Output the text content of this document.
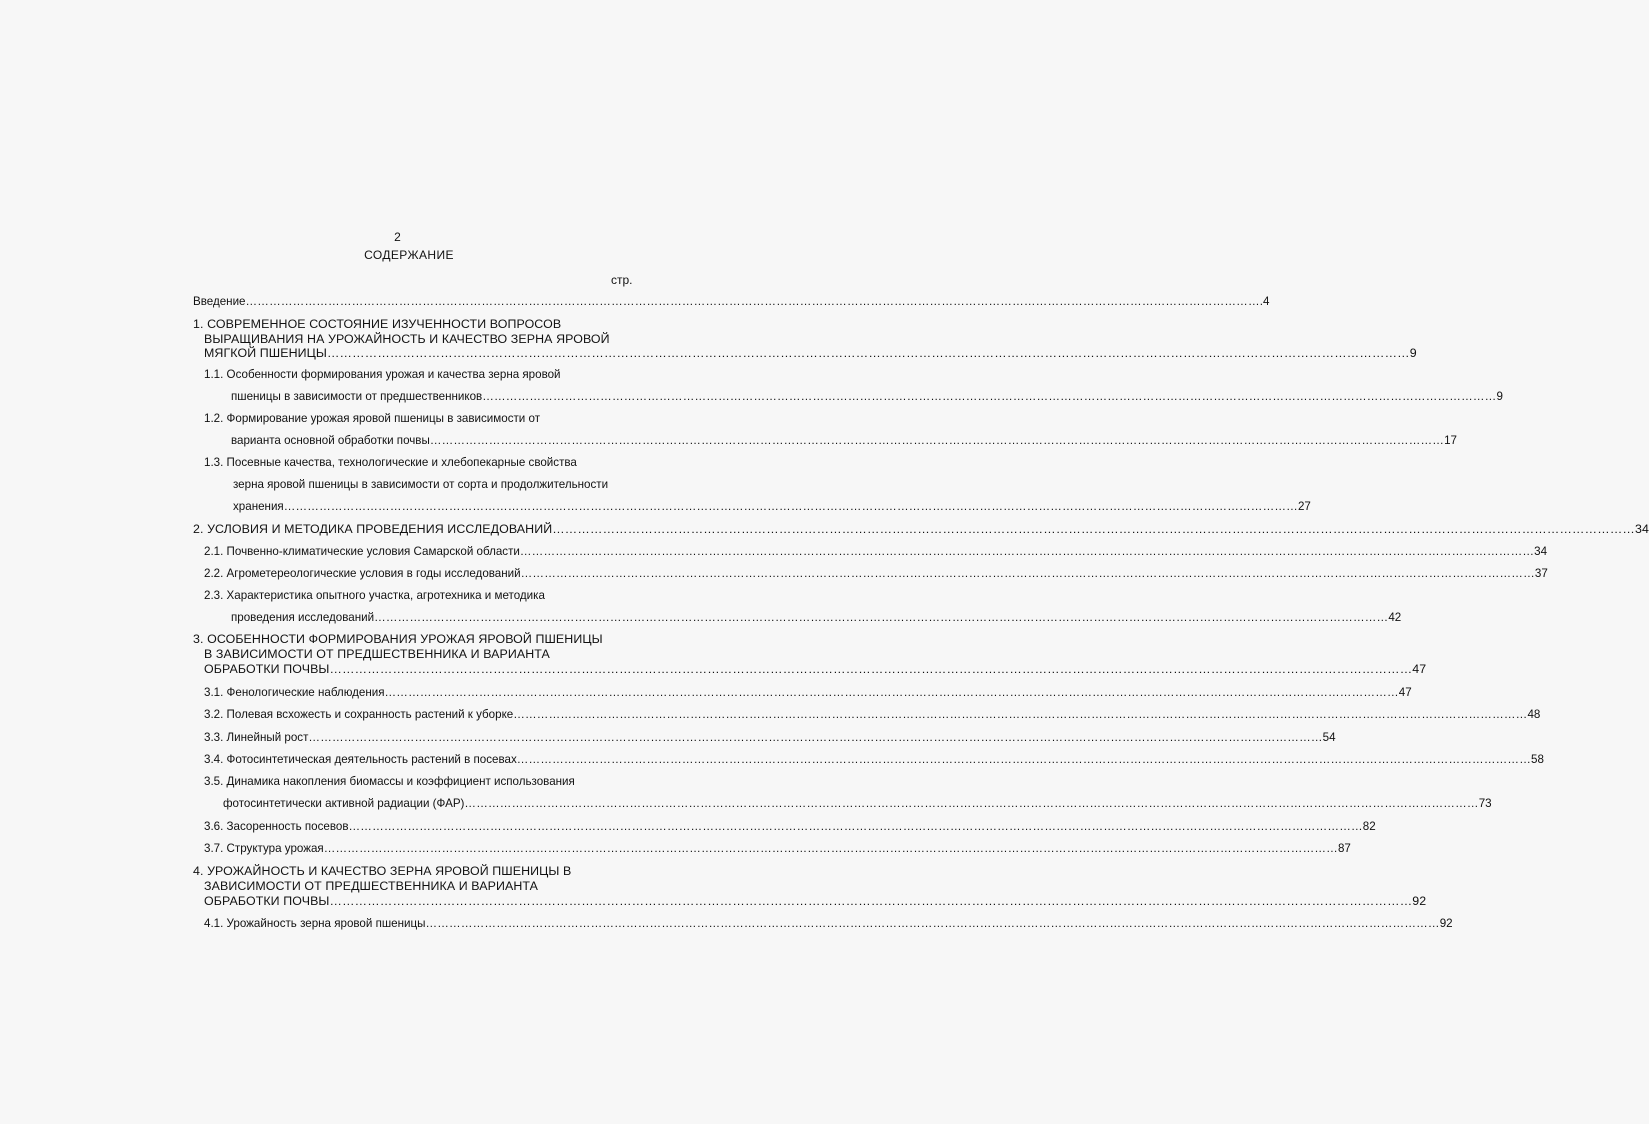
2
СОДЕРЖАНИЕ
стр.
Введение …………………………………………………………………………………………………………………………………………………………………………………………………………………………………… .4
1. СОВРЕМЕННОЕ СОСТОЯНИЕ ИЗУЧЕННОСТИ ВОПРОСОВ
ВЫРАЩИВАНИЯ НА УРОЖАЙНОСТЬ И КАЧЕСТВО ЗЕРНА ЯРОВОЙ
МЯГКОЙ ПШЕНИЦЫ …………………………………………………………………………………………………………………………………………………………………………………………………………………………………… 9
1.1. Особенности формирования урожая и качества зерна яровой
пшеницы в зависимости от предшественников …………………………………………………………………………………………………………………………………………………………………………………………………………………………………… 9
1.2. Формирование урожая яровой пшеницы в зависимости от
варианта основной обработки почвы …………………………………………………………………………………………………………………………………………………………………………………………………………………………………… 17
1.3. Посевные качества, технологические и хлебопекарные свойства
зерна яровой пшеницы в зависимости от сорта и продолжительности
хранения …………………………………………………………………………………………………………………………………………………………………………………………………………………………………… 27
2. УСЛОВИЯ И МЕТОДИКА ПРОВЕДЕНИЯ ИССЛЕДОВАНИЙ …………………………………………………………………………………………………………………………………………………………………………………………………………………………………… 34
2.1. Почвенно-климатические условия Самарской области …………………………………………………………………………………………………………………………………………………………………………………………………………………………………… 34
2.2. Агрометереологические условия в годы исследований …………………………………………………………………………………………………………………………………………………………………………………………………………………………………… 37
2.3. Характеристика опытного участка, агротехника и методика
проведения исследований …………………………………………………………………………………………………………………………………………………………………………………………………………………………………… 42
3. ОСОБЕННОСТИ ФОРМИРОВАНИЯ УРОЖАЯ ЯРОВОЙ ПШЕНИЦЫ
В ЗАВИСИМОСТИ ОТ ПРЕДШЕСТВЕННИКА И ВАРИАНТА
ОБРАБОТКИ ПОЧВЫ …………………………………………………………………………………………………………………………………………………………………………………………………………………………………… 47
3.1. Фенологические наблюдения …………………………………………………………………………………………………………………………………………………………………………………………………………………………………… 47
3.2. Полевая всхожесть и сохранность растений к уборке …………………………………………………………………………………………………………………………………………………………………………………………………………………………………… 48
3.3. Линейный рост …………………………………………………………………………………………………………………………………………………………………………………………………………………………………… 54
3.4. Фотосинтетическая деятельность растений в посевах …………………………………………………………………………………………………………………………………………………………………………………………………………………………………… 58
3.5. Динамика накопления биомассы и коэффициент использования
фотосинтетически активной радиации (ФАР) …………………………………………………………………………………………………………………………………………………………………………………………………………………………………… 73
3.6. Засоренность посевов …………………………………………………………………………………………………………………………………………………………………………………………………………………………………… 82
3.7. Структура урожая …………………………………………………………………………………………………………………………………………………………………………………………………………………………………… 87
4. УРОЖАЙНОСТЬ И КАЧЕСТВО ЗЕРНА ЯРОВОЙ ПШЕНИЦЫ В
ЗАВИСИМОСТИ ОТ ПРЕДШЕСТВЕННИКА И ВАРИАНТА
ОБРАБОТКИ ПОЧВЫ …………………………………………………………………………………………………………………………………………………………………………………………………………………………………… 92
4.1. Урожайность зерна яровой пшеницы …………………………………………………………………………………………………………………………………………………………………………………………………………………………………… 92
